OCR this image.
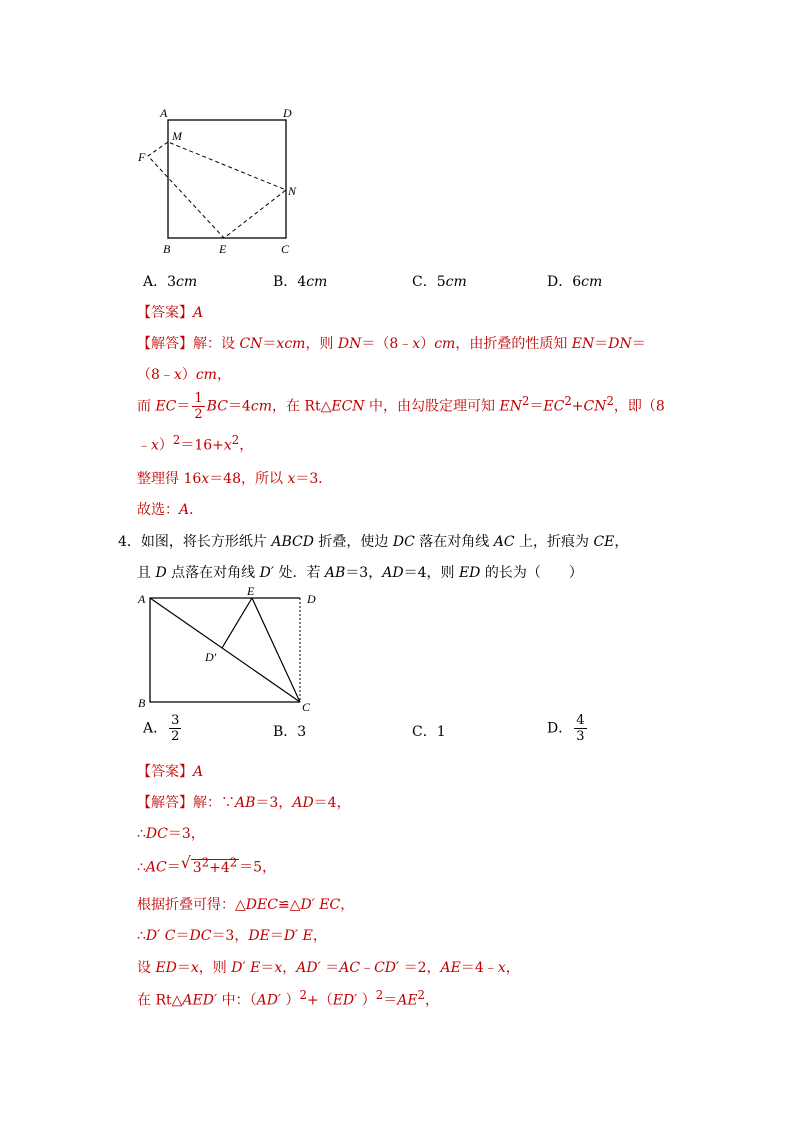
A	D
M
F
N
B	E	C
A．3cm	B．4cm	C．5cm	D．6cm
【答案】A
【解答】解：设 CN＝xcm，则 DN＝（8﹣x）cm，由折叠的性质知 EN＝DN＝
（8﹣x）cm，
而 $EC= \frac{1}{2} BC=4cm$，在 Rt△ECN 中，由勾股定理可知 $EN^2=EC^2+CN^2$，即（8
$﹣x)^2=16+x^2$，
整理得 16x＝48，所以 x＝3．
故选：A．
4．如图，将长方形纸片 ABCD 折叠，使边 DC 落在对角线 AC 上，折痕为 CE，
且 D 点落在对角线 D′ 处．若 AB＝3，AD＝4，则 ED 的长为（　　）
A
E
D
D′
B	C
A． $\frac{3}{2}$	B．3	C．1	D． $\frac{4}{3}$
【答案】A
【解答】解：∵AB＝3，AD＝4，
∴DC＝3，
∴AC＝ √ $3^2+4^2 =5$，
根据折叠可得：△DEC≌△D′ EC，
∴D′ C＝DC＝3，DE＝D′ E，
设 ED＝x，则 D′ E＝x，AD′ ＝AC﹣CD′ ＝2，AE＝4﹣x，
在 Rt△AED′ 中：（AD′ ）$^2$+（ED′ ）$^2=AE^2$，
